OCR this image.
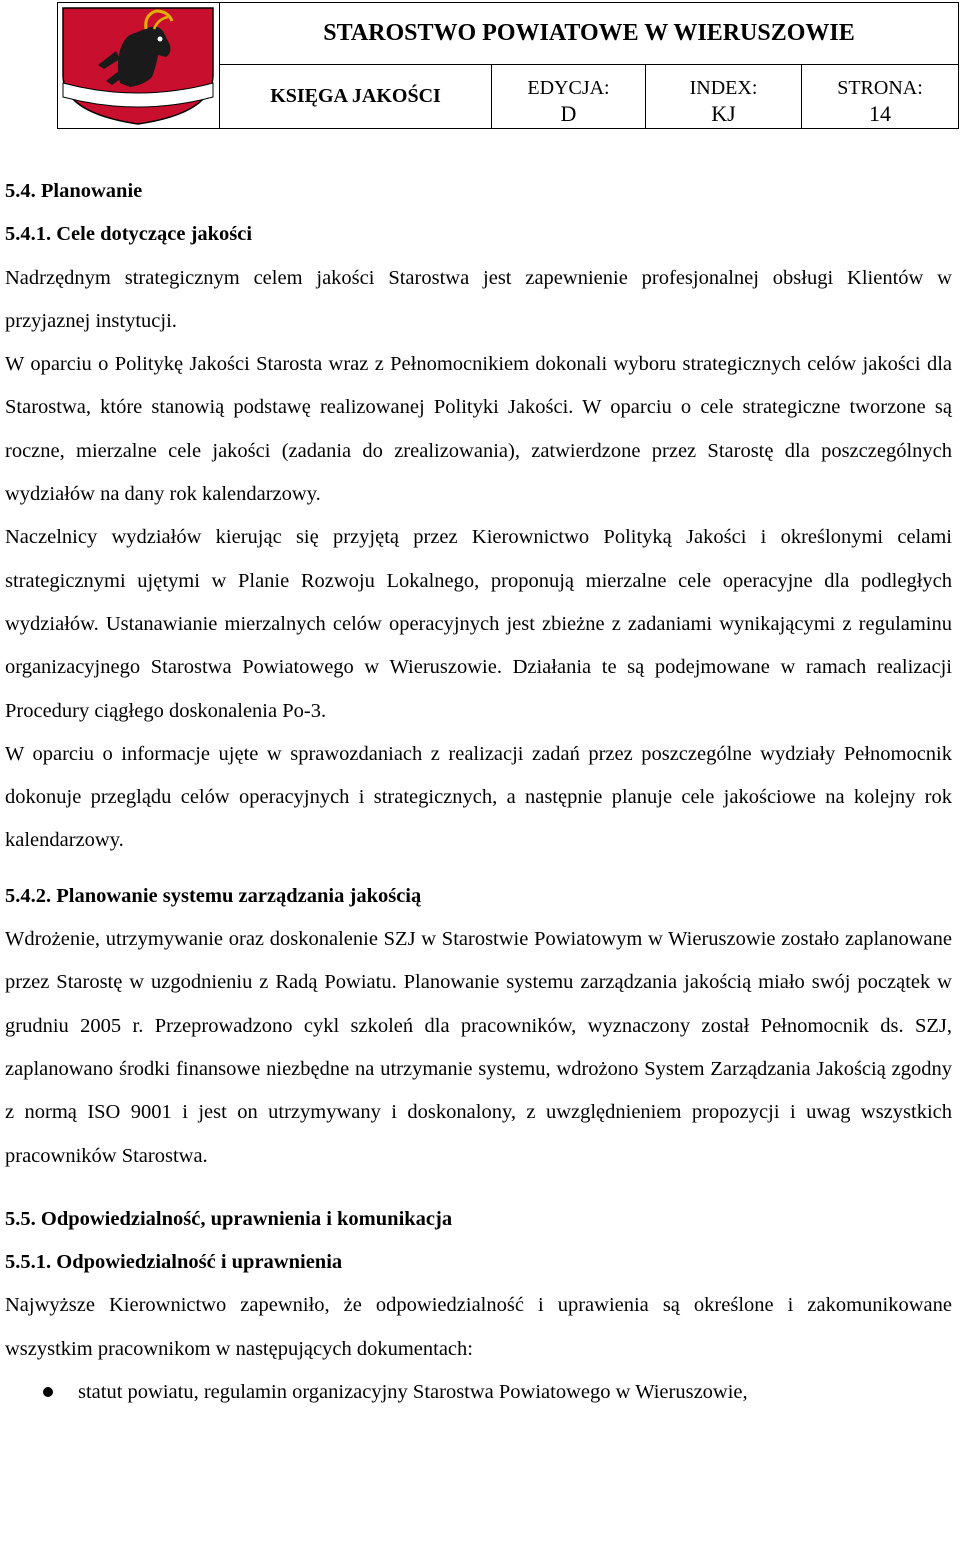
STAROSTWO POWIATOWE W WIERUSZOWIE
KSIĘGA JAKOŚCI	EDYCJA:
D
INDEX:
KJ
STRONA:
14

5.4. Planowanie

5.4.1. Cele dotyczące jakości

Nadrzędnym strategicznym celem jakości Starostwa jest zapewnienie profesjonalnej obsługi Klientów w przyjaznej instytucji.

W oparciu o Politykę Jakości Starosta wraz z Pełnomocnikiem dokonali wyboru strategicznych celów jakości dla Starostwa, które stanowią podstawę realizowanej Polityki Jakości. W oparciu o cele strategiczne tworzone są roczne, mierzalne cele jakości (zadania do zrealizowania), zatwierdzone przez Starostę dla poszczególnych wydziałów na dany rok kalendarzowy.

Naczelnicy wydziałów kierując się przyjętą przez Kierownictwo Polityką Jakości i określonymi celami strategicznymi ujętymi w Planie Rozwoju Lokalnego, proponują mierzalne cele operacyjne dla podległych wydziałów. Ustanawianie mierzalnych celów operacyjnych jest zbieżne z zadaniami wynikającymi z regulaminu organizacyjnego Starostwa Powiatowego w Wieruszowie. Działania te są podejmowane w ramach realizacji Procedury ciągłego doskonalenia Po-3.

W oparciu o informacje ujęte w sprawozdaniach z realizacji zadań przez poszczególne wydziały Pełnomocnik dokonuje przeglądu celów operacyjnych i strategicznych, a następnie planuje cele jakościowe na kolejny rok kalendarzowy.

5.4.2. Planowanie systemu zarządzania jakością

Wdrożenie, utrzymywanie oraz doskonalenie SZJ w Starostwie Powiatowym w Wieruszowie zostało zaplanowane przez Starostę w uzgodnieniu z Radą Powiatu. Planowanie systemu zarządzania jakością miało swój początek w grudniu 2005 r. Przeprowadzono cykl szkoleń dla pracowników, wyznaczony został Pełnomocnik ds. SZJ, zaplanowano środki finansowe niezbędne na utrzymanie systemu, wdrożono System Zarządzania Jakością zgodny z normą ISO 9001 i jest on utrzymywany i doskonalony, z uwzględnieniem propozycji i uwag wszystkich pracowników Starostwa.

5.5. Odpowiedzialność, uprawnienia i komunikacja

5.5.1. Odpowiedzialność i uprawnienia

Najwyższe Kierownictwo zapewniło, że odpowiedzialność i uprawienia są określone i zakomunikowane wszystkim pracownikom w następujących dokumentach:

statut powiatu, regulamin organizacyjny Starostwa Powiatowego w Wieruszowie,
